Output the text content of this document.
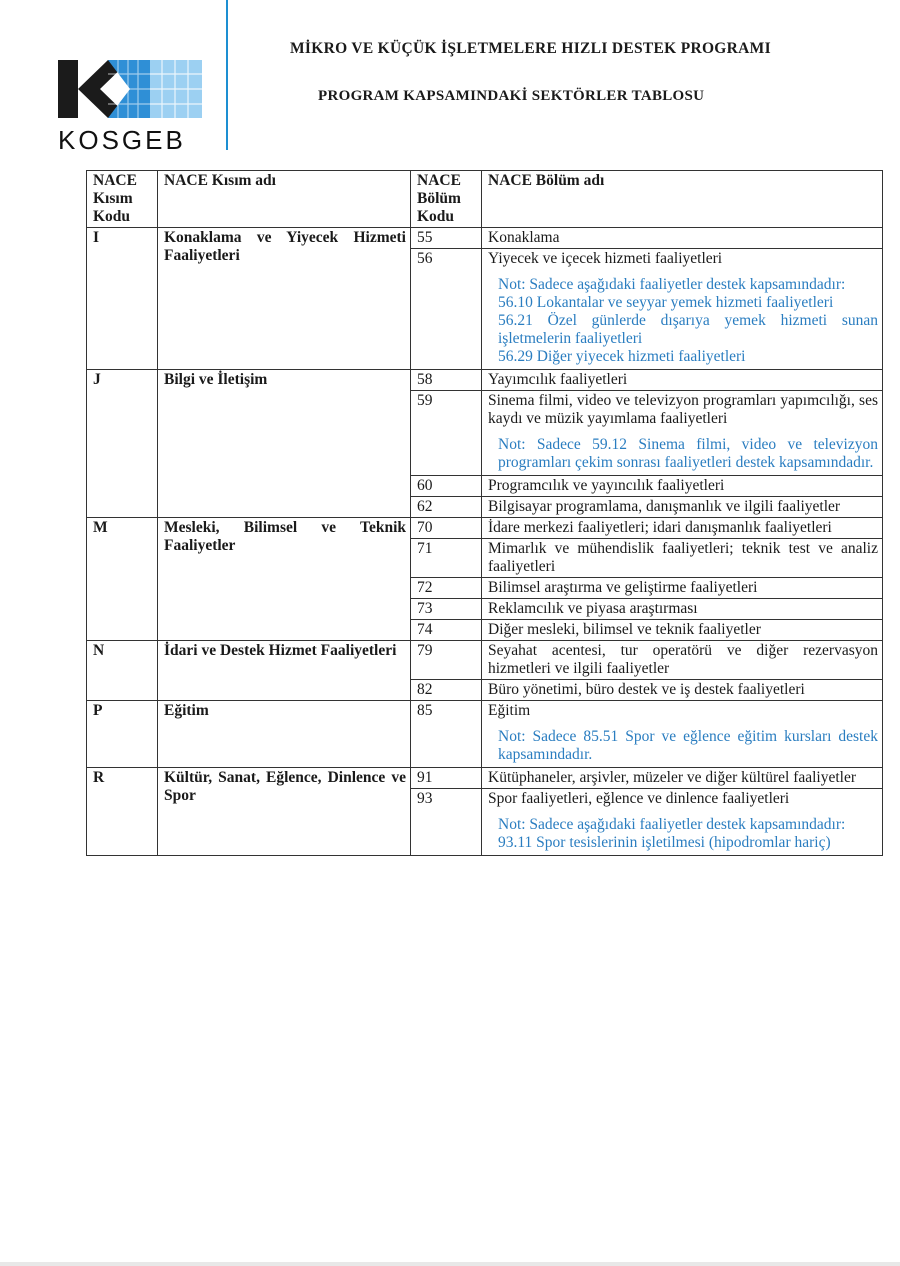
KOSGEB
MİKRO VE KÜÇÜK İŞLETMELERE HIZLI DESTEK PROGRAMI
PROGRAM KAPSAMINDAKİ SEKTÖRLER TABLOSU
NACE Kısım Kodu	NACE Kısım adı	NACE Bölüm Kodu	NACE Bölüm adı
I	Konaklama ve Yiyecek Hizmeti Faaliyetleri	55	Konaklama

		56	Yiyecek ve içecek hizmeti faaliyetleri
Not: Sadece aşağıdaki faaliyetler destek kapsamındadır:
56.10 Lokantalar ve seyyar yemek hizmeti faaliyetleri
56.21 Özel günlerde dışarıya yemek hizmeti sunan işletmelerin faaliyetleri
56.29 Diğer yiyecek hizmeti faaliyetleri

J	Bilgi ve İletişim	58	Yayımcılık faaliyetleri

		59	Sinema filmi, video ve televizyon programları yapımcılığı, ses kaydı ve müzik yayımlama faaliyetleri
Not: Sadece 59.12 Sinema filmi, video ve televizyon programları çekim sonrası faaliyetleri destek kapsamındadır.

		60	Programcılık ve yayıncılık faaliyetleri

		62	Bilgisayar programlama, danışmanlık ve ilgili faaliyetler

M	Mesleki, Bilimsel ve Teknik Faaliyetler	70	İdare merkezi faaliyetleri; idari danışmanlık faaliyetleri

		71	Mimarlık ve mühendislik faaliyetleri; teknik test ve analiz faaliyetleri

		72	Bilimsel araştırma ve geliştirme faaliyetleri

		73	Reklamcılık ve piyasa araştırması

		74	Diğer mesleki, bilimsel ve teknik faaliyetler

N	İdari ve Destek Hizmet Faaliyetleri	79	Seyahat acentesi, tur operatörü ve diğer rezervasyon hizmetleri ve ilgili faaliyetler

		82	Büro yönetimi, büro destek ve iş destek faaliyetleri

P	Eğitim	85	Eğitim
Not: Sadece 85.51 Spor ve eğlence eğitim kursları destek kapsamındadır.

R	Kültür, Sanat, Eğlence, Dinlence ve Spor	91	Kütüphaneler, arşivler, müzeler ve diğer kültürel faaliyetler

		93	Spor faaliyetleri, eğlence ve dinlence faaliyetleri
Not: Sadece aşağıdaki faaliyetler destek kapsamındadır:
93.11 Spor tesislerinin işletilmesi (hipodromlar hariç)
